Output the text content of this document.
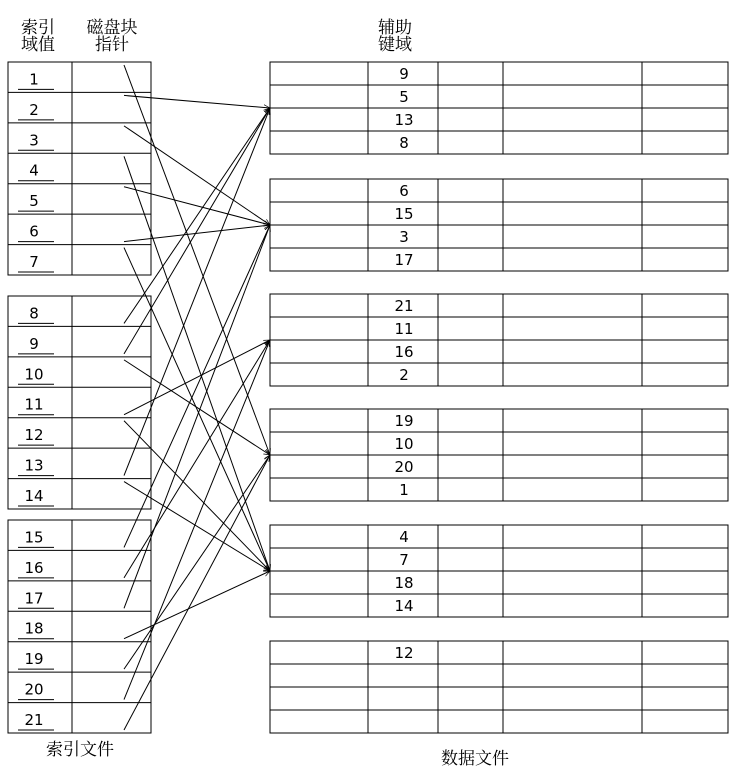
1
2
3
4
5
6
7
8
9
10
11
12
13
14
15
16
17
18
19
20
21
9
5
13
8
6
15
3
17
21
11
16
2
19
10
20
1
4
7
18
14
12
索引
域值
磁盘块
指针
辅助
键域
索引文件	数据文件
